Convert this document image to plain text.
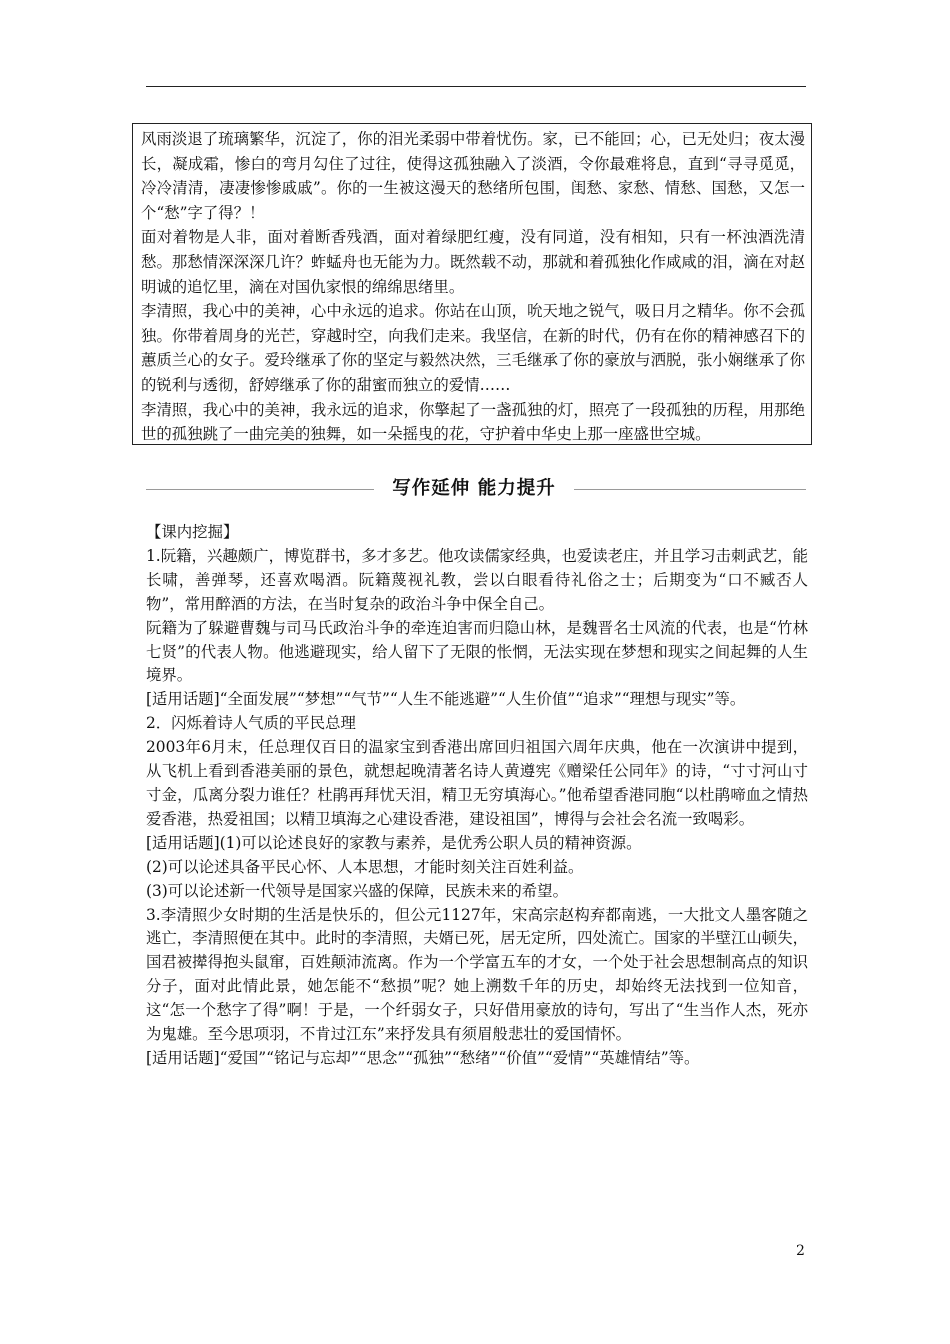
风雨淡退了琉璃繁华，沉淀了，你的泪光柔弱中带着忧伤。家，已不能回；心，已无处归；夜太漫长，凝成霜，惨白的弯月勾住了过往，使得这孤独融入了淡酒，令你最难将息，直到“寻寻觅觅，冷冷清清，凄凄惨惨戚戚”。你的一生被这漫天的愁绪所包围，闺愁、家愁、情愁、国愁，又怎一个“愁”字了得？！

面对着物是人非，面对着断香残酒，面对着绿肥红瘦，没有同道，没有相知，只有一杯浊酒洗清愁。那愁情深深深几许？蚱蜢舟也无能为力。既然载不动，那就和着孤独化作咸咸的泪，滴在对赵明诚的追忆里，滴在对国仇家恨的绵绵思绪里。

李清照，我心中的美神，心中永远的追求。你站在山顶，吮天地之锐气，吸日月之精华。你不会孤独。你带着周身的光芒，穿越时空，向我们走来。我坚信，在新的时代，仍有在你的精神感召下的蕙质兰心的女子。爱玲继承了你的坚定与毅然决然，三毛继承了你的豪放与洒脱，张小娴继承了你的锐利与透彻，舒婷继承了你的甜蜜而独立的爱情……

李清照，我心中的美神，我永远的追求，你擎起了一盏孤独的灯，照亮了一段孤独的历程，用那绝世的孤独跳了一曲完美的独舞，如一朵摇曳的花，守护着中华史上那一座盛世空城。

写作延伸 能力提升

【课内挖掘】

1.阮籍，兴趣颇广，博览群书，多才多艺。他攻读儒家经典，也爱读老庄，并且学习击刺武艺，能长啸，善弹琴，还喜欢喝酒。阮籍蔑视礼教，尝以白眼看待礼俗之士；后期变为“口不臧否人物”，常用醉酒的方法，在当时复杂的政治斗争中保全自己。

阮籍为了躲避曹魏与司马氏政治斗争的牵连迫害而归隐山林，是魏晋名士风流的代表，也是“竹林七贤”的代表人物。他逃避现实，给人留下了无限的怅惘，无法实现在梦想和现实之间起舞的人生境界。

[适用话题]“全面发展”“梦想”“气节”“人生不能逃避”“人生价值”“追求”“理想与现实”等。

2．闪烁着诗人气质的平民总理

2003年6月末，任总理仅百日的温家宝到香港出席回归祖国六周年庆典，他在一次演讲中提到，从飞机上看到香港美丽的景色，就想起晚清著名诗人黄遵宪《赠梁任公同年》的诗，“寸寸河山寸寸金，瓜离分裂力谁任？杜鹃再拜忧天泪，精卫无穷填海心。”他希望香港同胞“以杜鹃啼血之情热爱香港，热爱祖国；以精卫填海之心建设香港，建设祖国”，博得与会社会名流一致喝彩。

[适用话题](1)可以论述良好的家教与素养，是优秀公职人员的精神资源。

(2)可以论述具备平民心怀、人本思想，才能时刻关注百姓利益。

(3)可以论述新一代领导是国家兴盛的保障，民族未来的希望。

3.李清照少女时期的生活是快乐的，但公元1127年，宋高宗赵构弃都南逃，一大批文人墨客随之逃亡，李清照便在其中。此时的李清照，夫婿已死，居无定所，四处流亡。国家的半壁江山顿失，国君被撵得抱头鼠窜，百姓颠沛流离。作为一个学富五车的才女，一个处于社会思想制高点的知识分子，面对此情此景，她怎能不“愁损”呢？她上溯数千年的历史，却始终无法找到一位知音，这“怎一个愁字了得”啊！于是，一个纤弱女子，只好借用豪放的诗句，写出了“生当作人杰，死亦为鬼雄。至今思项羽，不肯过江东”来抒发具有须眉般悲壮的爱国情怀。

[适用话题]“爱国”“铭记与忘却”“思念”“孤独”“愁绪”“价值”“爱情”“英雄情结”等。

2
